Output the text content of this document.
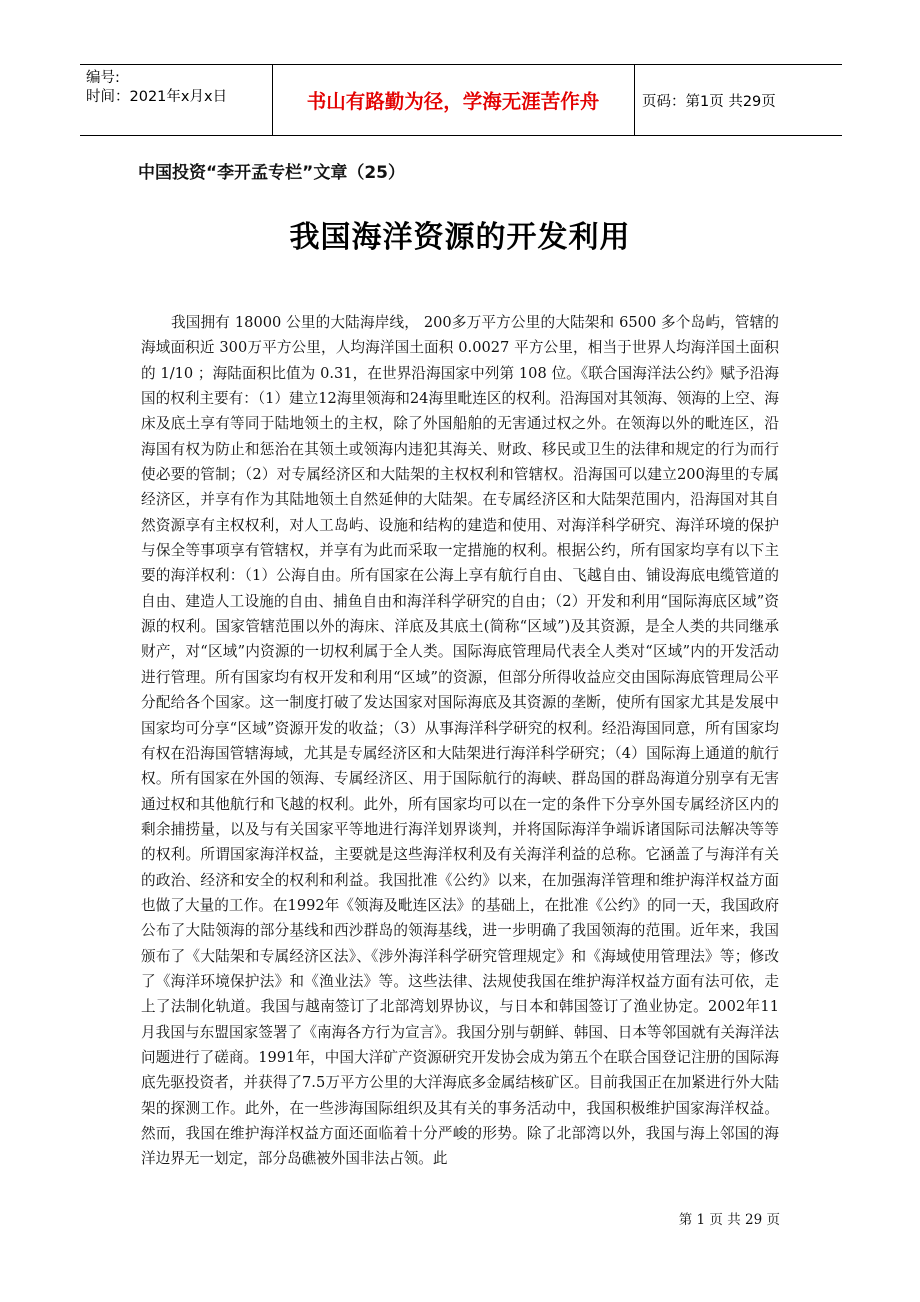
编号:
时间：2021年x月x日	书山有路勤为径，学海无涯苦作舟	页码：第1页 共29页
中国投资“李开孟专栏”文章（25）
我国海洋资源的开发利用
我国拥有 18000 公里的大陆海岸线， 200多万平方公里的大陆架和 6500 多个岛屿，管辖的海域面积近 300万平方公里，人均海洋国土面积 0.0027 平方公里，相当于世界人均海洋国土面积的 1/10 ；海陆面积比值为 0.31，在世界沿海国家中列第 108 位。《联合国海洋法公约》赋予沿海国的权利主要有：（1）建立12海里领海和24海里毗连区的权利。沿海国对其领海、领海的上空、海床及底土享有等同于陆地领土的主权，除了外国船舶的无害通过权之外。在领海以外的毗连区，沿海国有权为防止和惩治在其领土或领海内违犯其海关、财政、移民或卫生的法律和规定的行为而行使必要的管制；（2）对专属经济区和大陆架的主权权利和管辖权。沿海国可以建立200海里的专属经济区，并享有作为其陆地领土自然延伸的大陆架。在专属经济区和大陆架范围内，沿海国对其自然资源享有主权权利，对人工岛屿、设施和结构的建造和使用、对海洋科学研究、海洋环境的保护与保全等事项享有管辖权，并享有为此而采取一定措施的权利。根据公约，所有国家均享有以下主要的海洋权利：（1）公海自由。所有国家在公海上享有航行自由、飞越自由、铺设海底电缆管道的自由、建造人工设施的自由、捕鱼自由和海洋科学研究的自由；（2）开发和利用“国际海底区域”资源的权利。国家管辖范围以外的海床、洋底及其底土(简称“区域”)及其资源，是全人类的共同继承财产，对“区域”内资源的一切权利属于全人类。国际海底管理局代表全人类对“区域”内的开发活动进行管理。所有国家均有权开发和利用“区域”的资源，但部分所得收益应交由国际海底管理局公平分配给各个国家。这一制度打破了发达国家对国际海底及其资源的垄断，使所有国家尤其是发展中国家均可分享“区域”资源开发的收益；（3）从事海洋科学研究的权利。经沿海国同意，所有国家均有权在沿海国管辖海域，尤其是专属经济区和大陆架进行海洋科学研究；（4）国际海上通道的航行权。所有国家在外国的领海、专属经济区、用于国际航行的海峡、群岛国的群岛海道分别享有无害通过权和其他航行和飞越的权利。此外，所有国家均可以在一定的条件下分享外国专属经济区内的剩余捕捞量，以及与有关国家平等地进行海洋划界谈判，并将国际海洋争端诉诸国际司法解决等等的权利。所谓国家海洋权益，主要就是这些海洋权利及有关海洋利益的总称。它涵盖了与海洋有关的政治、经济和安全的权利和利益。我国批准《公约》以来，在加强海洋管理和维护海洋权益方面也做了大量的工作。在1992年《领海及毗连区法》的基础上，在批准《公约》的同一天，我国政府公布了大陆领海的部分基线和西沙群岛的领海基线，进一步明确了我国领海的范围。近年来，我国颁布了《大陆架和专属经济区法》、《涉外海洋科学研究管理规定》和《海域使用管理法》等；修改了《海洋环境保护法》和《渔业法》等。这些法律、法规使我国在维护海洋权益方面有法可依，走上了法制化轨道。我国与越南签订了北部湾划界协议，与日本和韩国签订了渔业协定。2002年11月我国与东盟国家签署了《南海各方行为宣言》。我国分别与朝鲜、韩国、日本等邻国就有关海洋法问题进行了磋商。1991年，中国大洋矿产资源研究开发协会成为第五个在联合国登记注册的国际海底先驱投资者，并获得了7.5万平方公里的大洋海底多金属结核矿区。目前我国正在加紧进行外大陆架的探测工作。此外，在一些涉海国际组织及其有关的事务活动中，我国积极维护国家海洋权益。然而，我国在维护海洋权益方面还面临着十分严峻的形势。除了北部湾以外，我国与海上邻国的海洋边界无一划定，部分岛礁被外国非法占领。此
第 1 页 共 29 页
